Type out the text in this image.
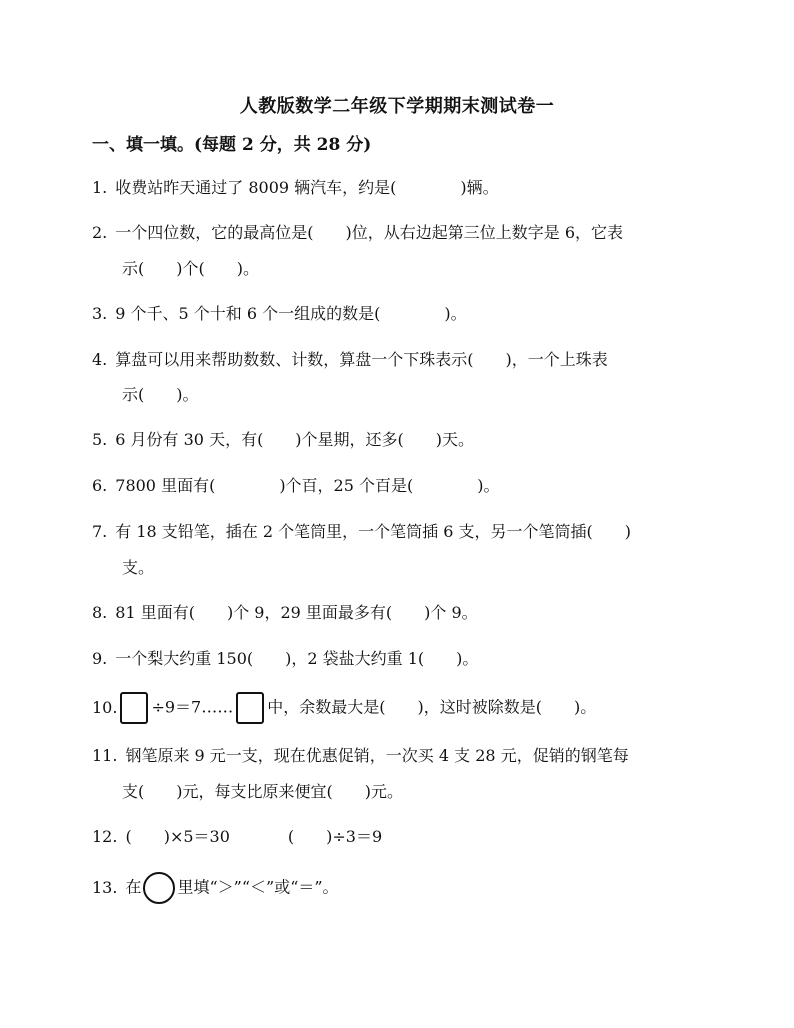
人教版数学二年级下学期期末测试卷一
一、填一填。(每题 2 分，共 28 分)
1. 收费站昨天通过了 8009 辆汽车，约是(　　　　)辆。
2. 一个四位数，它的最高位是(　　)位，从右边起第三位上数字是 6，它表
示(　　)个(　　)。
3. 9 个千、5 个十和 6 个一组成的数是(　　　　)。
4. 算盘可以用来帮助数数、计数，算盘一个下珠表示(　　)，一个上珠表
示(　　)。
5. 6 月份有 30 天，有(　　)个星期，还多(　　)天。
6. 7800 里面有(　　　　)个百，25 个百是(　　　　)。
7. 有 18 支铅笔，插在 2 个笔筒里，一个笔筒插 6 支，另一个笔筒插(　　)
支。
8. 81 里面有(　　)个 9，29 里面最多有(　　)个 9。
9. 一个梨大约重 150(　　)，2 袋盐大约重 1(　　)。
10. ÷9＝7…… 中，余数最大是(　　)，这时被除数是(　　)。
11. 钢笔原来 9 元一支，现在优惠促销，一次买 4 支 28 元，促销的钢笔每
支(　　)元，每支比原来便宜(　　)元。
12. (　　)×5＝30	(　　)÷3＝9
13. 在 里填“＞”“＜”或“＝”。
